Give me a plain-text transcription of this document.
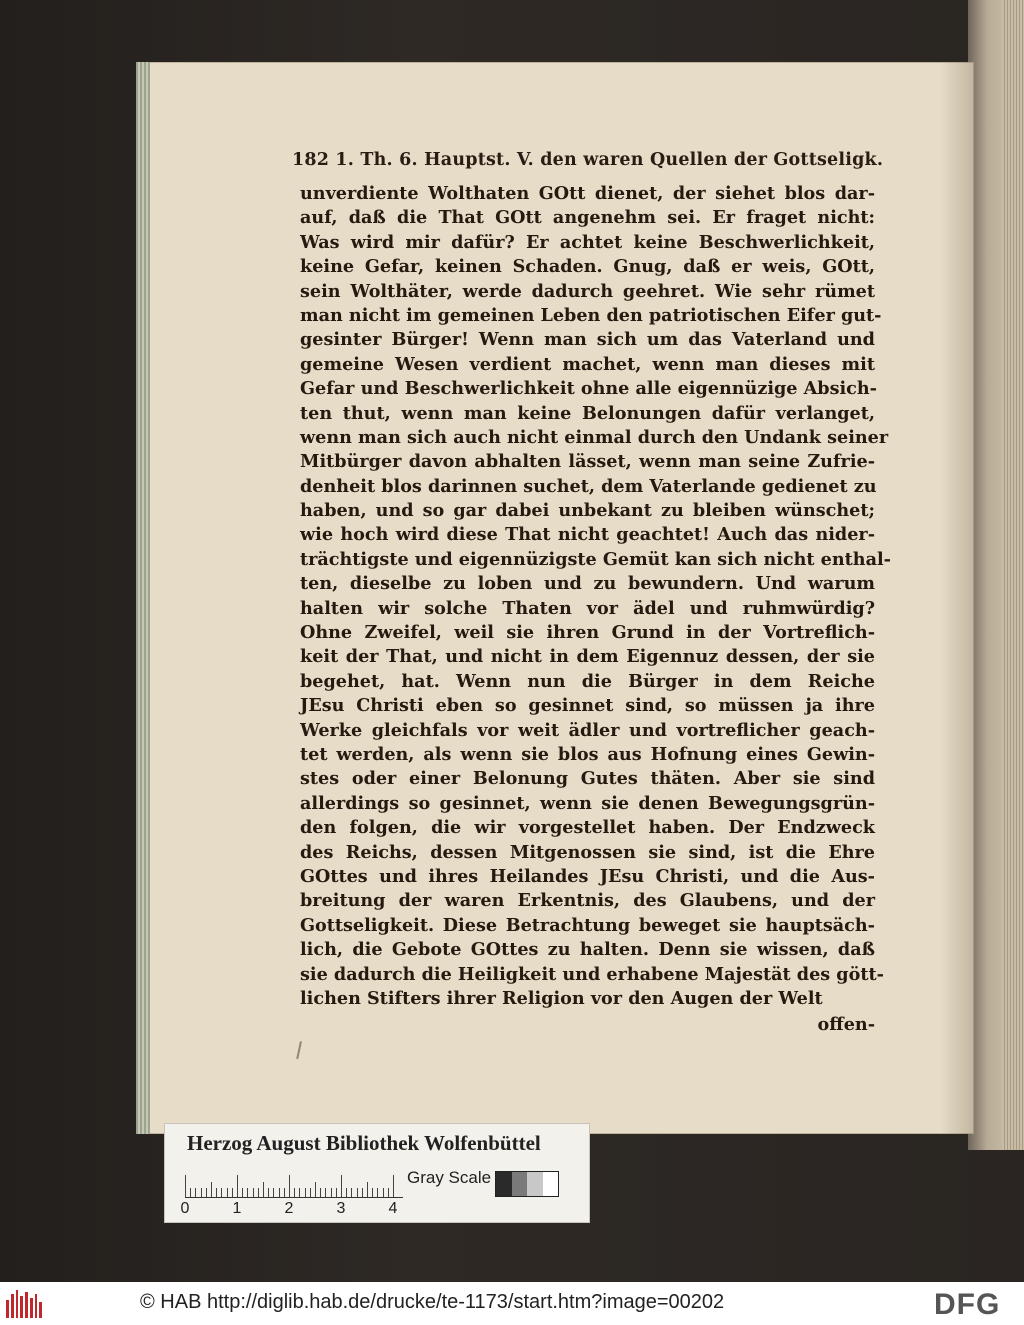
182 1. Th. 6. Hauptst. V. den waren Quellen der Gottseligk.
unverdiente Wolthaten GOtt dienet, der siehet blos dar-
auf, daß die That GOtt angenehm sei. Er fraget nicht:
Was wird mir dafür? Er achtet keine Beschwerlichkeit,
keine Gefar, keinen Schaden. Gnug, daß er weis, GOtt,
sein Wolthäter, werde dadurch geehret. Wie sehr rümet
man nicht im gemeinen Leben den patriotischen Eifer gut-
gesinter Bürger! Wenn man sich um das Vaterland und
gemeine Wesen verdient machet, wenn man dieses mit
Gefar und Beschwerlichkeit ohne alle eigennüzige Absich-
ten thut, wenn man keine Belonungen dafür verlanget,
wenn man sich auch nicht einmal durch den Undank seiner
Mitbürger davon abhalten lässet, wenn man seine Zufrie-
denheit blos darinnen suchet, dem Vaterlande gedienet zu
haben, und so gar dabei unbekant zu bleiben wünschet;
wie hoch wird diese That nicht geachtet! Auch das nider-
trächtigste und eigennüzigste Gemüt kan sich nicht enthal-
ten, dieselbe zu loben und zu bewundern. Und warum
halten wir solche Thaten vor ädel und ruhmwürdig?
Ohne Zweifel, weil sie ihren Grund in der Vortreflich-
keit der That, und nicht in dem Eigennuz dessen, der sie
begehet, hat. Wenn nun die Bürger in dem Reiche
JEsu Christi eben so gesinnet sind, so müssen ja ihre
Werke gleichfals vor weit ädler und vortreflicher geach-
tet werden, als wenn sie blos aus Hofnung eines Gewin-
stes oder einer Belonung Gutes thäten. Aber sie sind
allerdings so gesinnet, wenn sie denen Bewegungsgrün-
den folgen, die wir vorgestellet haben. Der Endzweck
des Reichs, dessen Mitgenossen sie sind, ist die Ehre
GOttes und ihres Heilandes JEsu Christi, und die Aus-
breitung der waren Erkentnis, des Glaubens, und der
Gottseligkeit. Diese Betrachtung beweget sie hauptsäch-
lich, die Gebote GOttes zu halten. Denn sie wissen, daß
sie dadurch die Heiligkeit und erhabene Majestät des gött-
lichen Stifters ihrer Religion vor den Augen der Welt
offen-
Herzog August Bibliothek Wolfenbüttel
0	1	2	3	4
Gray Scale
© HAB http://diglib.hab.de/drucke/te-1173/start.htm?image=00202	DFG
